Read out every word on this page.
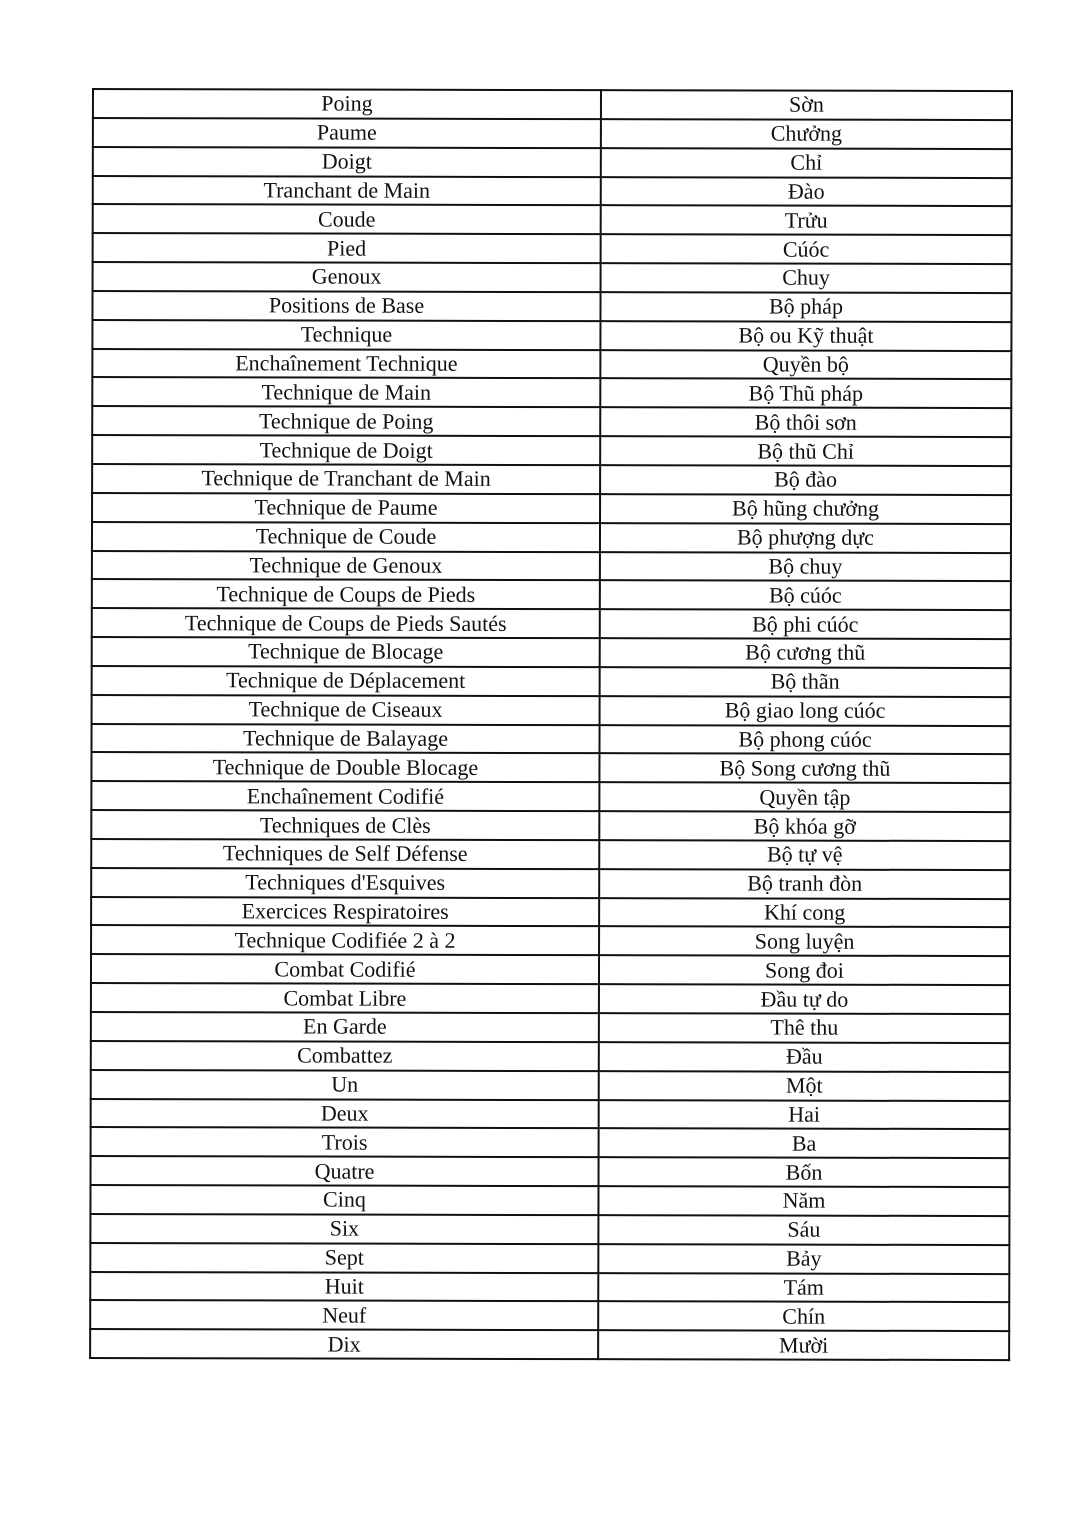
Poing	Sờn
Paume	Chưởng
Doigt	Chỉ
Tranchant de Main	Đào
Coude	Trửu
Pied	Cúóc
Genoux	Chuy
Positions de Base	Bộ pháp
Technique	Bộ ou Kỹ thuật
Enchaînement Technique	Quyền bộ
Technique de Main	Bộ Thũ pháp
Technique de Poing	Bộ thôi sơn
Technique de Doigt	Bộ thũ Chỉ
Technique de Tranchant de Main	Bộ đào
Technique de Paume	Bộ hũng chưởng
Technique de Coude	Bộ phượng dực
Technique de Genoux	Bộ chuy
Technique de Coups de Pieds	Bộ cúóc
Technique de Coups de Pieds Sautés	Bộ phi cúóc
Technique de Blocage	Bộ cương thũ
Technique de Déplacement	Bộ thãn
Technique de Ciseaux	Bộ giao long cúóc
Technique de Balayage	Bộ phong cúóc
Technique de Double Blocage	Bộ Song cương thũ
Enchaînement Codifié	Quyền tập
Techniques de Clès	Bộ khóa gỡ
Techniques de Self Défense	Bộ tự vệ
Techniques d'Esquives	Bộ tranh đòn
Exercices Respiratoires	Khí cong
Technique Codifiée 2 à 2	Song luyện
Combat Codifié	Song đoi
Combat Libre	Đầu tự do
En Garde	Thê thu
Combattez	Đầu
Un	Một
Deux	Hai
Trois	Ba
Quatre	Bốn
Cinq	Năm
Six	Sáu
Sept	Bảy
Huit	Tám
Neuf	Chín
Dix	Mười
